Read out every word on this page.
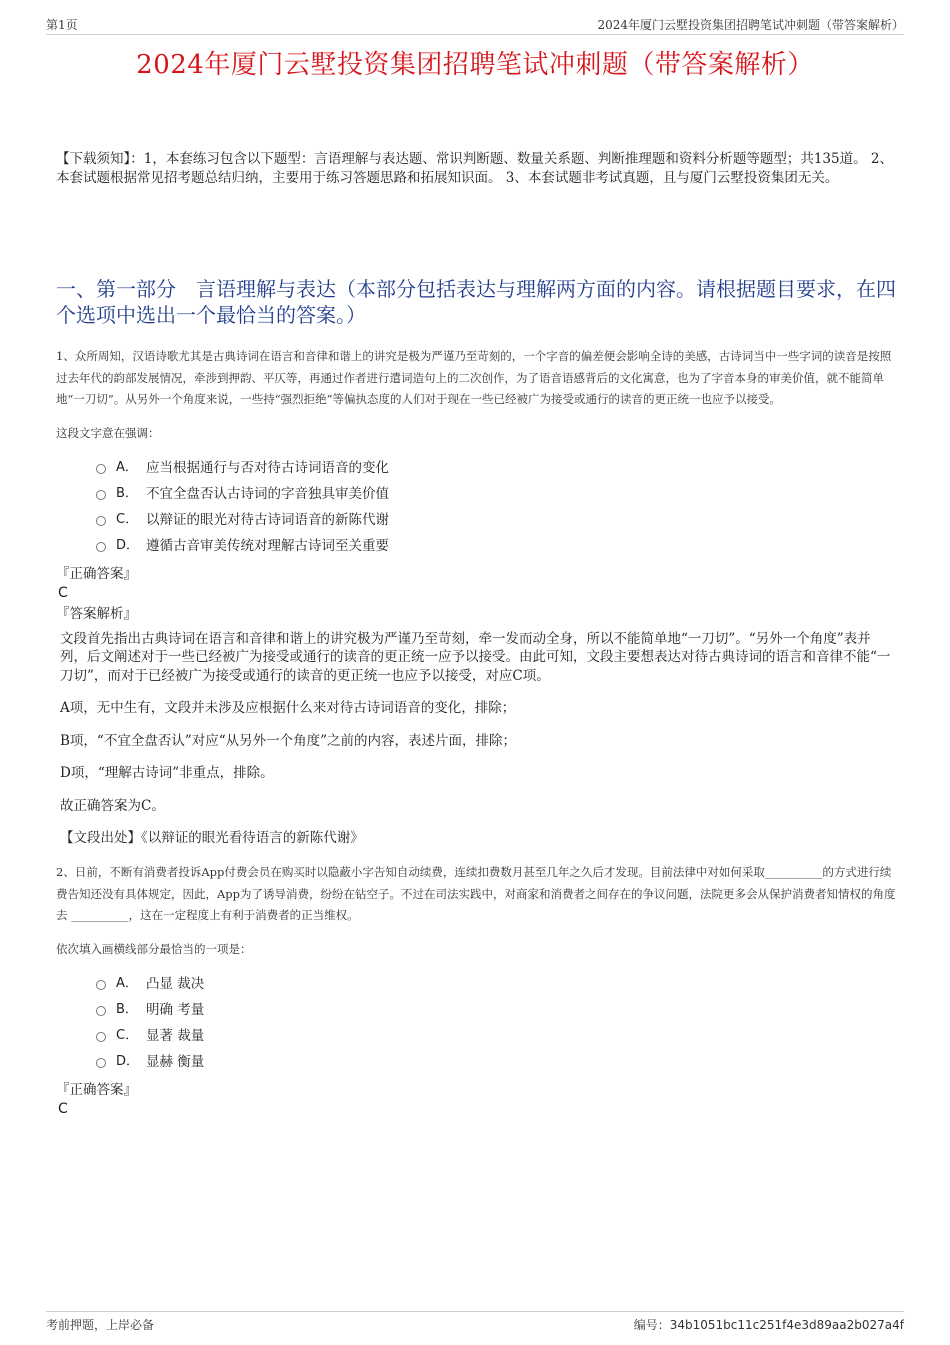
第1页	2024年厦门云墅投资集团招聘笔试冲刺题（带答案解析）
2024年厦门云墅投资集团招聘笔试冲刺题（带答案解析）
【下载须知】：1，本套练习包含以下题型：言语理解与表达题、常识判断题、数量关系题、判断推理题和资料分析题等题型；共135道。 2、本套试题根据常见招考题总结归纳，主要用于练习答题思路和拓展知识面。 3、本套试题非考试真题，且与厦门云墅投资集团无关。
一、第一部分　言语理解与表达（本部分包括表达与理解两方面的内容。请根据题目要求，在四个选项中选出一个最恰当的答案。）

1、众所周知，汉语诗歌尤其是古典诗词在语言和音律和谐上的讲究是极为严谨乃至苛刻的，一个字音的偏差便会影响全诗的美感，古诗词当中一些字词的读音是按照过去年代的韵部发展情况，牵涉到押韵、平仄等，再通过作者进行遣词造句上的二次创作，为了语音语感背后的文化寓意，也为了字音本身的审美价值，就不能简单地“一刀切”。从另外一个角度来说，一些持“强烈拒绝”等偏执态度的人们对于现在一些已经被广为接受或通行的读音的更正统一也应予以接受。

这段文字意在强调：

A． 应当根据通行与否对待古诗词语音的变化
B． 不宜全盘否认古诗词的字音独具审美价值
C． 以辩证的眼光对待古诗词语音的新陈代谢
D． 遵循古音审美传统对理解古诗词至关重要

『正确答案』

C

『答案解析』

文段首先指出古典诗词在语言和音律和谐上的讲究极为严谨乃至苛刻，牵一发而动全身，所以不能简单地“一刀切”。“另外一个角度”表并列，后文阐述对于一些已经被广为接受或通行的读音的更正统一应予以接受。由此可知，文段主要想表达对待古典诗词的语言和音律不能“一刀切”，而对于已经被广为接受或通行的读音的更正统一也应予以接受，对应C项。

A项，无中生有，文段并未涉及应根据什么来对待古诗词语音的变化，排除；

B项，“不宜全盘否认”对应“从另外一个角度”之前的内容，表述片面，排除；

D项，“理解古诗词”非重点，排除。

故正确答案为C。

【文段出处】《以辩证的眼光看待语言的新陈代谢》

2、日前，不断有消费者投诉App付费会员在购买时以隐蔽小字告知自动续费，连续扣费数月甚至几年之久后才发现。目前法律中对如何采取__________的方式进行续费告知还没有具体规定，因此，App为了诱导消费，纷纷在钻空子。不过在司法实践中，对商家和消费者之间存在的争议问题，法院更多会从保护消费者知情权的角度去 __________，这在一定程度上有利于消费者的正当维权。

依次填入画横线部分最恰当的一项是：

A． 凸显 裁决
B． 明确 考量
C． 显著 裁量
D． 显赫 衡量

『正确答案』

C

考前押题，上岸必备	编号：34b1051bc11c251f4e3d89aa2b027a4f
